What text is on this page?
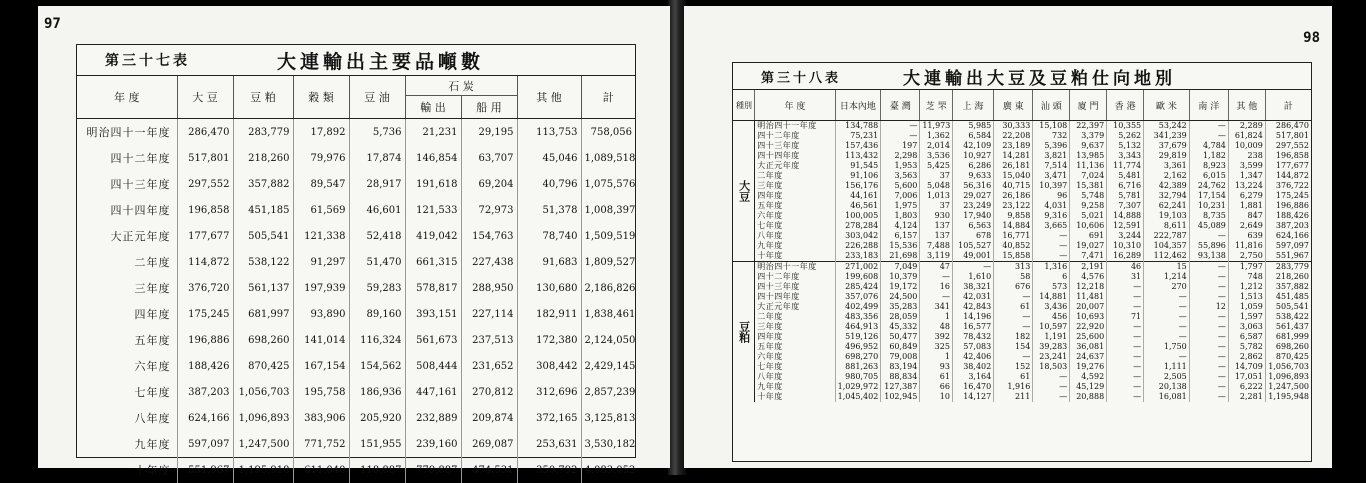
97
第三十七表	大連輸出主要品噸數
年 度	大 豆	豆 粕	穀 類	豆 油	石 炭		其 他	計
					輸 出	船 用		
明治四十一年度	286,470	283,779	17,892	5,736	21,231	29,195	113,753	758,056
四十二年度	517,801	218,260	79,976	17,874	146,854	63,707	45,046	1,089,518
四十三年度	297,552	357,882	89,547	28,917	191,618	69,204	40,796	1,075,576
四十四年度	196,858	451,185	61,569	46,601	121,533	72,973	51,378	1,008,397
大正元年度	177,677	505,541	121,338	52,418	419,042	154,763	78,740	1,509,519
二年度	114,872	538,122	91,297	51,470	661,315	227,438	91,683	1,809,527
三年度	376,720	561,137	197,939	59,283	578,817	288,950	130,680	2,186,826
四年度	175,245	681,997	93,890	89,160	393,151	227,114	182,911	1,838,461
五年度	196,886	698,260	141,014	116,324	561,673	237,513	172,380	2,124,050
六年度	188,426	870,425	167,154	154,562	508,444	231,652	308,442	2,429,145
七年度	387,203	1,056,703	195,758	186,936	447,161	270,812	312,696	2,857,239
八年度	624,166	1,096,893	383,906	205,920	232,889	209,874	372,165	3,125,813
九年度	597,097	1,247,500	771,752	151,955	239,160	269,087	253,631	3,530,182
十年度	551,967	1,195,918	611,040	118,887	779,887	474,531	350,792	4,083,052
98
第三十八表	大連輸出大豆及豆粕仕向地別
種別	年 度	日本內地	臺 灣	芝 罘	上 海	廣 東	汕 頭	廈 門	香 港	歐 米	南 洋	其 他	計
大豆	明治四十一年度	134,788	—	11,973	5,985	30,333	15,108	22,397	10,355	53,242	—	2,289	286,470
	四十二年度	75,231	—	1,362	6,584	22,208	732	3,379	5,262	341,239	—	61,824	517,801
	四十三年度	157,436	197	2,014	42,109	23,189	5,396	9,637	5,132	37,679	4,784	10,009	297,552
	四十四年度	113,432	2,298	3,536	10,927	14,281	3,821	13,985	3,343	29,819	1,182	238	196,858
	大正元年度	91,545	1,953	5,425	6,286	26,181	7,514	11,136	11,774	3,361	8,923	3,599	177,677
	二年度	91,106	3,563	37	9,633	15,040	3,471	7,024	5,481	2,162	6,015	1,347	144,872
	三年度	156,176	5,600	5,048	56,316	40,715	10,397	15,381	6,716	42,389	24,762	13,224	376,722
	四年度	44,161	7,006	1,013	29,027	26,186	96	5,748	5,781	32,794	17,154	6,279	175,245
	五年度	46,561	1,975	37	23,249	23,122	4,031	9,258	7,307	62,241	10,231	1,881	196,886
	六年度	100,005	1,803	930	17,940	9,858	9,316	5,021	14,888	19,103	8,735	847	188,426
	七年度	278,284	4,124	137	6,563	14,884	3,665	10,606	12,591	8,611	45,089	2,649	387,203
	八年度	303,042	6,157	137	678	16,771	—	691	3,244	222,787	—	639	624,166
	九年度	226,288	15,536	7,488	105,527	40,852	—	19,027	10,310	104,357	55,896	11,816	597,097
	十年度	233,183	21,698	3,119	49,001	15,858	—	7,471	16,289	112,462	93,138	2,750	551,967
豆粕	明治四十一年度	271,002	7,049	47	—	313	1,316	2,191	46	15	—	1,797	283,779
	四十二年度	199,608	10,379	—	1,610	58	6	4,576	31	1,214	—	748	218,260
	四十三年度	285,424	19,172	16	38,321	676	573	12,218	—	270	—	1,212	357,882
	四十四年度	357,076	24,500	—	42,031	—	14,881	11,481	—	—	—	1,513	451,485
	大正元年度	402,499	35,283	341	42,843	61	3,436	20,007	—	—	12	1,059	505,541
	二年度	483,356	28,059	1	14,196	—	456	10,693	71	—	—	1,597	538,422
	三年度	464,913	45,332	48	16,577	—	10,597	22,920	—	—	—	3,063	561,437
	四年度	519,126	50,477	392	78,432	182	1,191	25,600	—	—	—	6,587	681,999
	五年度	496,952	60,849	325	57,083	154	39,283	36,081	—	1,750	—	5,782	698,260
	六年度	698,270	79,008	1	42,406	—	23,241	24,637	—	—	—	2,862	870,425
	七年度	881,263	83,194	93	38,402	152	18,503	19,276	—	1,111	—	14,709	1,056,703
	八年度	980,705	88,834	61	3,164	61	—	4,592	—	2,505	—	17,051	1,096,893
	九年度	1,029,972	127,387	66	16,470	1,916	—	45,129	—	20,138	—	6,222	1,247,500
	十年度	1,045,402	102,945	10	14,127	211	—	20,888	—	16,081	—	2,281	1,195,948
